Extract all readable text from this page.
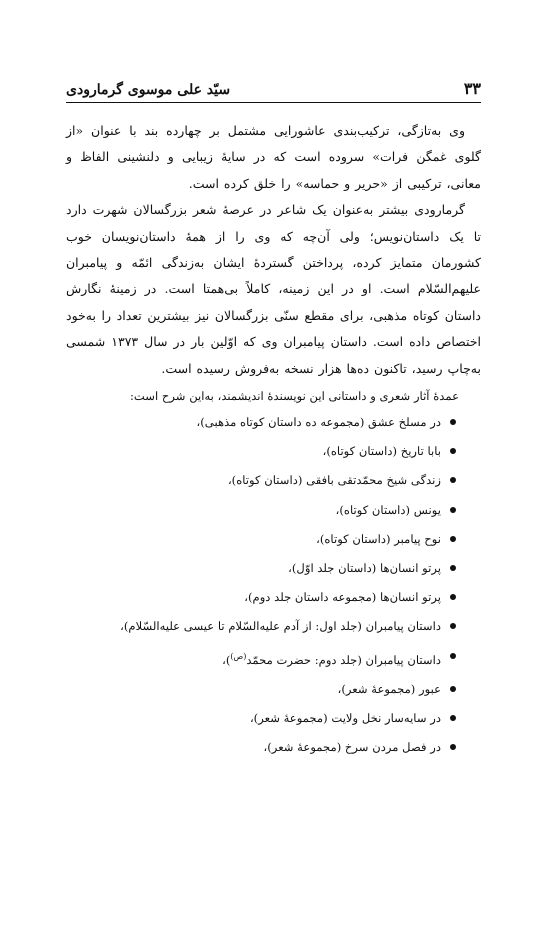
۳۳
سیّد علی موسوی گرمارودی

وی به‌تازگی، ترکیب‌بندی عاشورایی مشتمل بر چهارده بند با عنوان «از گلوی غمگن فرات» سروده است که در سایهٔ زیبایی و دلنشینی الفاظ و معانی، ترکیبی از «حریر و حماسه» را خلق کرده است.

گرمارودی بیشتر به‌عنوان یک شاعر در عرصهٔ شعر بزرگسالان شهرت دارد تا یک داستان‌نویس؛ ولی آن‌چه که وی را از همهٔ داستان‌نویسان خوب کشورمان متمایز کرده، پرداختن گستردهٔ ایشان به‌زندگی ائمّه و پیامبران علیهم‌السّلام است. او در این زمینه، کاملاً بی‌همتا است. در زمینهٔ نگارش داستان کوتاه مذهبی، برای مقطع سنّی بزرگسالان نیز بیشترین تعداد را به‌خود اختصاص داده است. داستان پیامبران وی که اوّلین بار در سال ۱۳۷۳ شمسی به‌چاپ رسید، تاکنون ده‌ها هزار نسخه به‌فروش رسیده است.

عمدهٔ آثار شعری و داستانی این نویسندهٔ اندیشمند، به‌این شرح است:

در مسلخ عشق (مجموعه ده داستان کوتاه مذهبی)،
بابا تاریخ (داستان کوتاه)،
زندگی شیخ محمّدتقی بافقی (داستان کوتاه)،
یونس (داستان کوتاه)،
نوح پیامبر (داستان کوتاه)،
پرتو انسان‌ها (داستان جلد اوّل)،
پرتو انسان‌ها (مجموعه داستان جلد دوم)،
داستان پیامبران (جلد اول: از آدم علیه‌السّلام تا عیسی علیه‌السّلام)،
داستان پیامبران (جلد دوم: حضرت محمّد$^{(ص)}$)،
عبور (مجموعهٔ شعر)،
در سایه‌سار نخل ولایت (مجموعهٔ شعر)،
در فصل مردن سرخ (مجموعهٔ شعر)،
